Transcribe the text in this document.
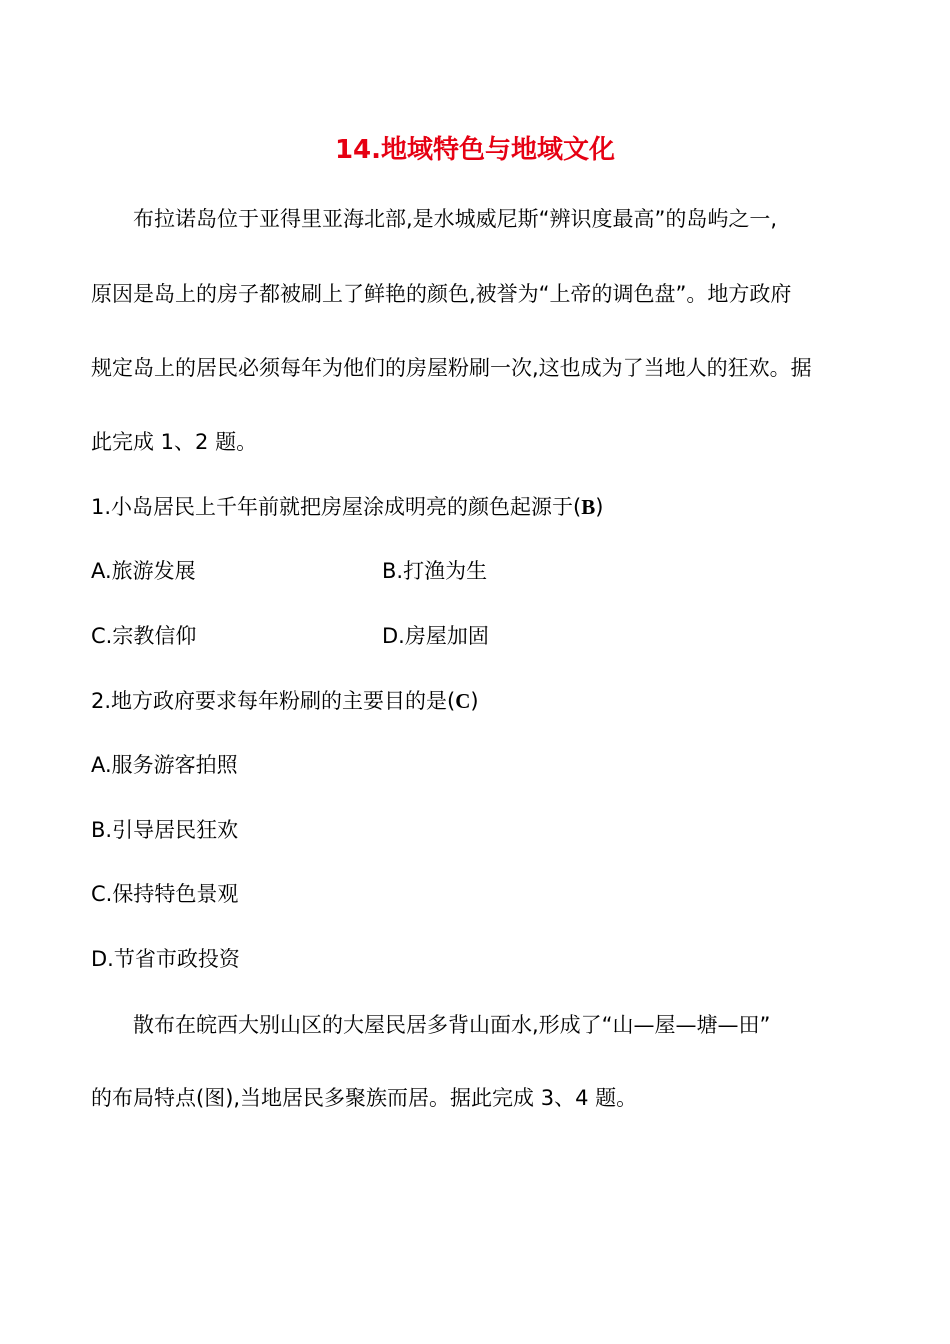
14.地域特色与地域文化
布拉诺岛位于亚得里亚海北部,是水城威尼斯“辨识度最高”的岛屿之一,
原因是岛上的房子都被刷上了鲜艳的颜色,被誉为“上帝的调色盘”。地方政府
规定岛上的居民必须每年为他们的房屋粉刷一次,这也成为了当地人的狂欢。据
此完成 1、2 题。
1.小岛居民上千年前就把房屋涂成明亮的颜色起源于(B)
A.旅游发展	B.打渔为生
C.宗教信仰	D.房屋加固
2.地方政府要求每年粉刷的主要目的是(C)
A.服务游客拍照
B.引导居民狂欢
C.保持特色景观
D.节省市政投资
散布在皖西大别山区的大屋民居多背山面水,形成了“山—屋—塘—田”
的布局特点(图),当地居民多聚族而居。据此完成 3、4 题。
